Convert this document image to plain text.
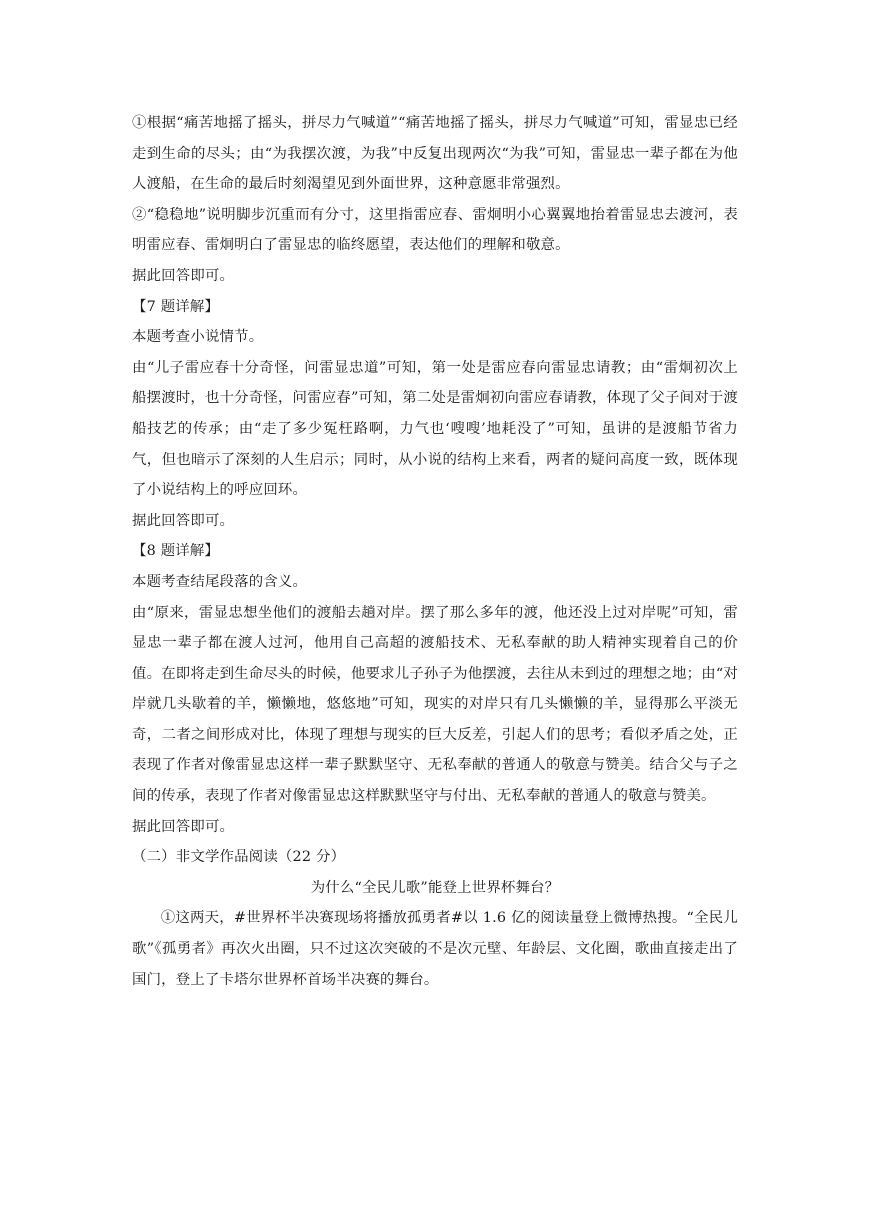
①根据“痛苦地摇了摇头，拼尽力气喊道”“痛苦地摇了摇头，拼尽力气喊道”可知，雷显忠已经走到生命的尽头；由“为我摆次渡，为我”中反复出现两次“为我”可知，雷显忠一辈子都在为他人渡船，在生命的最后时刻渴望见到外面世界，这种意愿非常强烈。

②“稳稳地”说明脚步沉重而有分寸，这里指雷应春、雷炯明小心翼翼地抬着雷显忠去渡河，表明雷应春、雷炯明白了雷显忠的临终愿望，表达他们的理解和敬意。

据此回答即可。

【7 题详解】

本题考查小说情节。

由“儿子雷应春十分奇怪，问雷显忠道”可知，第一处是雷应春向雷显忠请教；由“雷炯初次上船摆渡时，也十分奇怪，问雷应春”可知，第二处是雷炯初向雷应春请教，体现了父子间对于渡船技艺的传承；由“走了多少冤枉路啊，力气也‘嗖嗖’地耗没了”可知，虽讲的是渡船节省力气，但也暗示了深刻的人生启示；同时，从小说的结构上来看，两者的疑问高度一致，既体现了小说结构上的呼应回环。

据此回答即可。

【8 题详解】

本题考查结尾段落的含义。

由“原来，雷显忠想坐他们的渡船去趟对岸。摆了那么多年的渡，他还没上过对岸呢”可知，雷显忠一辈子都在渡人过河，他用自己高超的渡船技术、无私奉献的助人精神实现着自己的价值。在即将走到生命尽头的时候，他要求儿子孙子为他摆渡，去往从未到过的理想之地；由“对岸就几头歇着的羊，懒懒地，悠悠地”可知，现实的对岸只有几头懒懒的羊，显得那么平淡无奇，二者之间形成对比，体现了理想与现实的巨大反差，引起人们的思考；看似矛盾之处，正表现了作者对像雷显忠这样一辈子默默坚守、无私奉献的普通人的敬意与赞美。结合父与子之间的传承，表现了作者对像雷显忠这样默默坚守与付出、无私奉献的普通人的敬意与赞美。

据此回答即可。

（二）非文学作品阅读（22 分）

为什么“全民儿歌”能登上世界杯舞台？

①这两天，#世界杯半决赛现场将播放孤勇者#以 1.6 亿的阅读量登上微博热搜。“全民儿歌”《孤勇者》再次火出圈，只不过这次突破的不是次元壁、年龄层、文化圈，歌曲直接走出了国门，登上了卡塔尔世界杯首场半决赛的舞台。
